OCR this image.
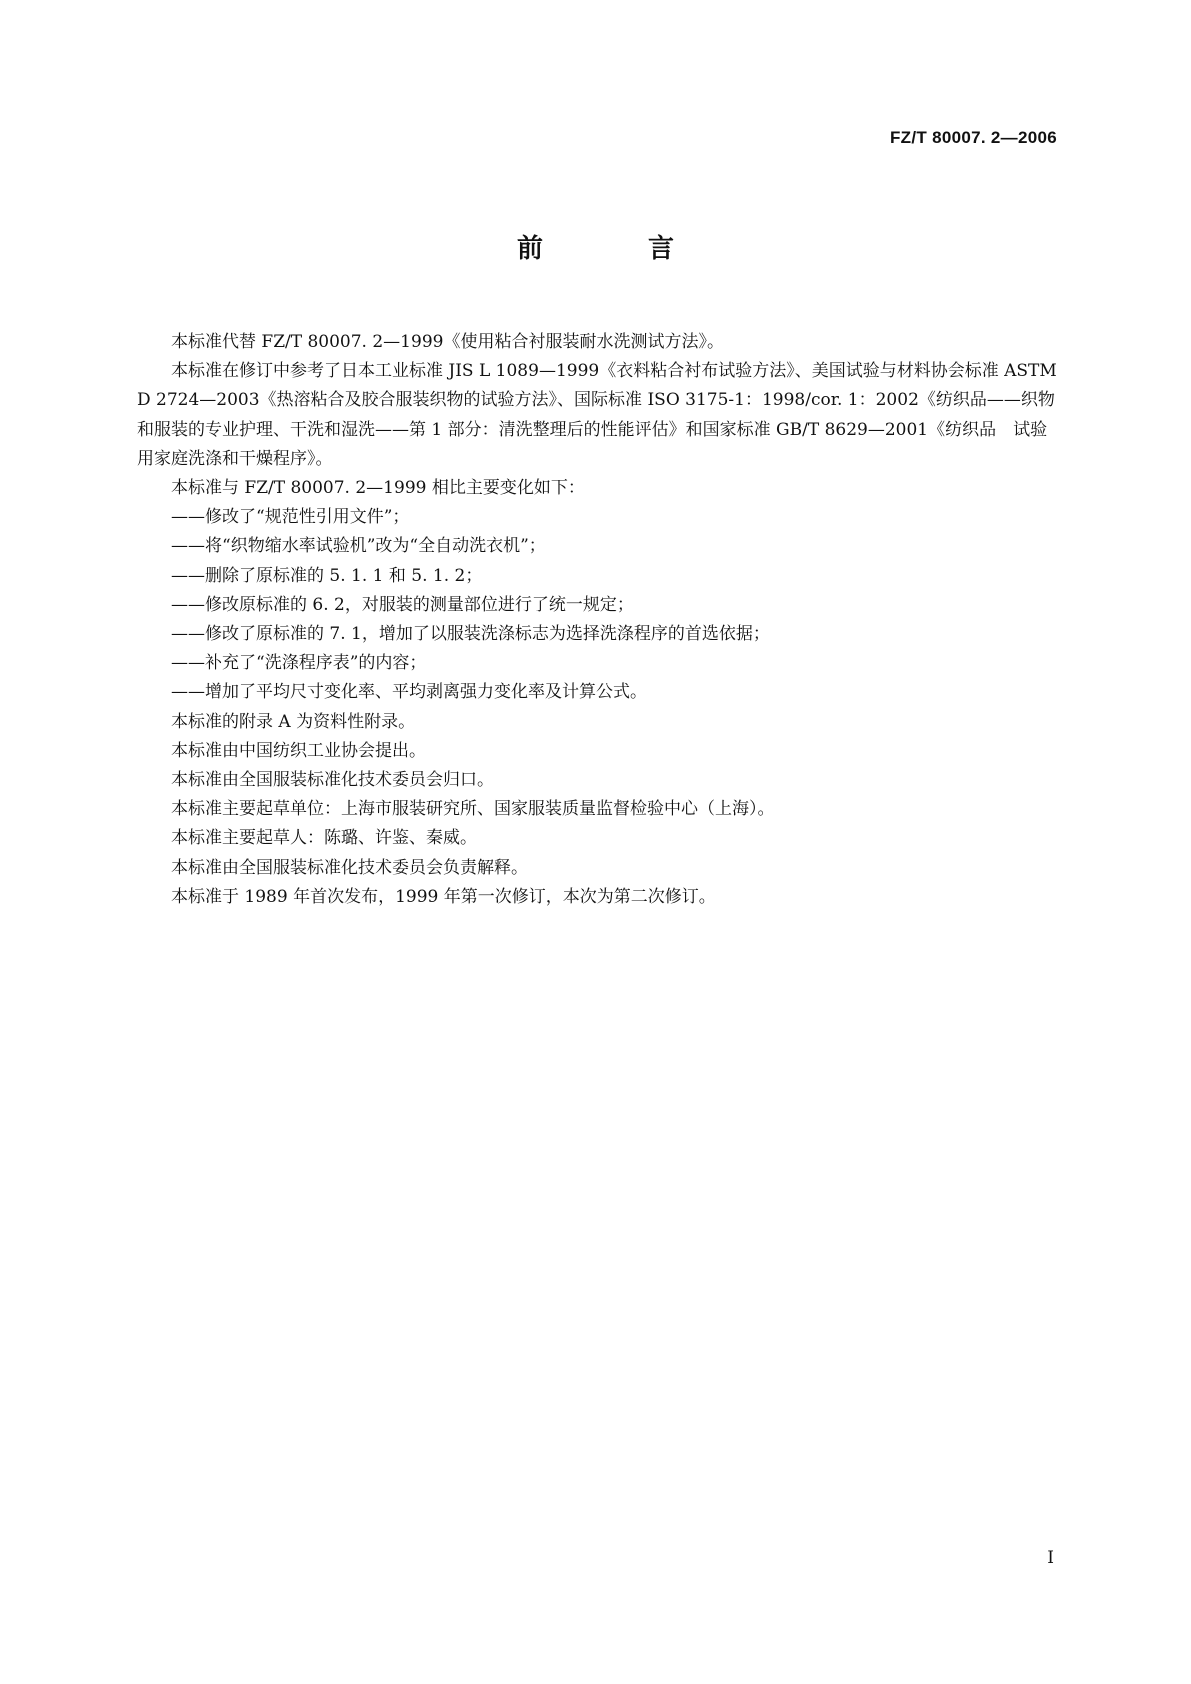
FZ/T 80007. 2—2006
前 言

本标准代替 FZ/T 80007. 2—1999《使用粘合衬服装耐水洗测试方法》。

本标准在修订中参考了日本工业标准 JIS L 1089—1999《衣料粘合衬布试验方法》、美国试验与材料协会标准 ASTM D 2724—2003《热溶粘合及胶合服装织物的试验方法》、国际标准 ISO 3175-1：1998/cor. 1：2002《纺织品——织物和服装的专业护理、干洗和湿洗——第 1 部分：清洗整理后的性能评估》和国家标准 GB/T 8629—2001《纺织品　试验用家庭洗涤和干燥程序》。

本标准与 FZ/T 80007. 2—1999 相比主要变化如下：

——修改了“规范性引用文件”；

——将“织物缩水率试验机”改为“全自动洗衣机”；

——删除了原标准的 5. 1. 1 和 5. 1. 2；

——修改原标准的 6. 2，对服装的测量部位进行了统一规定；

——修改了原标准的 7. 1，增加了以服装洗涤标志为选择洗涤程序的首选依据；

——补充了“洗涤程序表”的内容；

——增加了平均尺寸变化率、平均剥离强力变化率及计算公式。

本标准的附录 A 为资料性附录。

本标准由中国纺织工业协会提出。

本标准由全国服装标准化技术委员会归口。

本标准主要起草单位：上海市服装研究所、国家服装质量监督检验中心（上海）。

本标准主要起草人：陈璐、许鉴、秦威。

本标准由全国服装标准化技术委员会负责解释。

本标准于 1989 年首次发布，1999 年第一次修订，本次为第二次修订。

I
